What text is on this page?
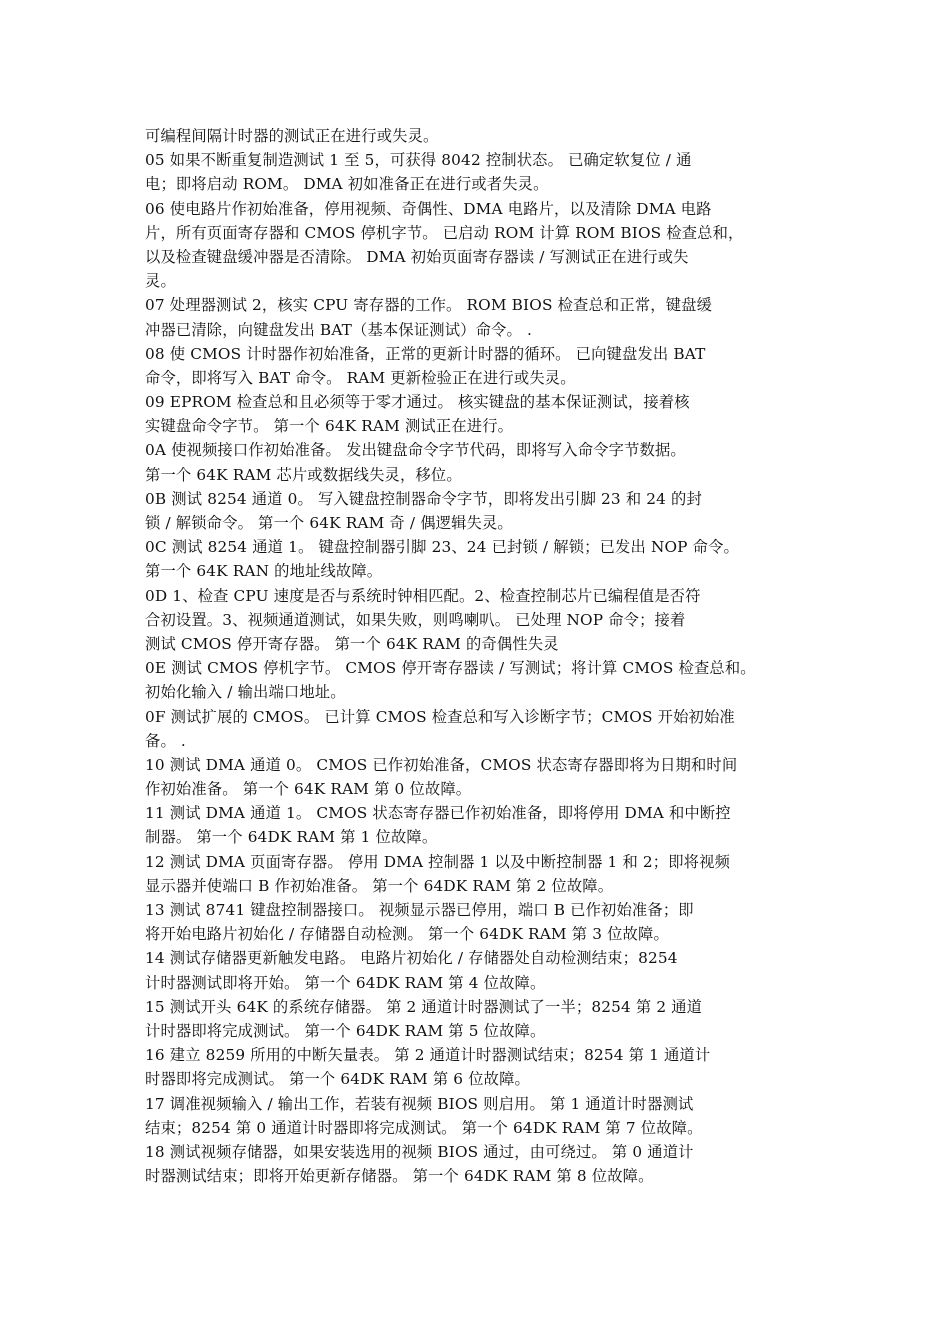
可编程间隔计时器的测试正在进行或失灵。
05 如果不断重复制造测试 1 至 5，可获得 8042 控制状态。 已确定软复位 / 通
电；即将启动 ROM。 DMA 初如准备正在进行或者失灵。
06 使电路片作初始准备，停用视频、奇偶性、DMA 电路片，以及清除 DMA 电路
片，所有页面寄存器和 CMOS 停机字节。 已启动 ROM 计算 ROM BIOS 检查总和，
以及检查键盘缓冲器是否清除。 DMA 初始页面寄存器读 / 写测试正在进行或失
灵。
07 处理器测试 2，核实 CPU 寄存器的工作。 ROM BIOS 检查总和正常，键盘缓
冲器已清除，向键盘发出 BAT（基本保证测试）命令。 .
08 使 CMOS 计时器作初始准备，正常的更新计时器的循环。 已向键盘发出 BAT
命令，即将写入 BAT 命令。 RAM 更新检验正在进行或失灵。
09 EPROM 检查总和且必须等于零才通过。 核实键盘的基本保证测试，接着核
实键盘命令字节。 第一个 64K RAM 测试正在进行。
0A 使视频接口作初始准备。 发出键盘命令字节代码，即将写入命令字节数据。
第一个 64K RAM 芯片或数据线失灵，移位。
0B 测试 8254 通道 0。 写入键盘控制器命令字节，即将发出引脚 23 和 24 的封
锁 / 解锁命令。 第一个 64K RAM 奇 / 偶逻辑失灵。
0C 测试 8254 通道 1。 键盘控制器引脚 23、24 已封锁 / 解锁；已发出 NOP 命令。
第一个 64K RAN 的地址线故障。
0D 1、检查 CPU 速度是否与系统时钟相匹配。2、检查控制芯片已编程值是否符
合初设置。3、视频通道测试，如果失败，则鸣喇叭。 已处理 NOP 命令；接着
测试 CMOS 停开寄存器。 第一个 64K RAM 的奇偶性失灵
0E 测试 CMOS 停机字节。 CMOS 停开寄存器读 / 写测试；将计算 CMOS 检查总和。
初始化输入 / 输出端口地址。
0F 测试扩展的 CMOS。 已计算 CMOS 检查总和写入诊断字节；CMOS 开始初始准
备。 .
10 测试 DMA 通道 0。 CMOS 已作初始准备，CMOS 状态寄存器即将为日期和时间
作初始准备。 第一个 64K RAM 第 0 位故障。
11 测试 DMA 通道 1。 CMOS 状态寄存器已作初始准备，即将停用 DMA 和中断控
制器。 第一个 64DK RAM 第 1 位故障。
12 测试 DMA 页面寄存器。 停用 DMA 控制器 1 以及中断控制器 1 和 2；即将视频
显示器并使端口 B 作初始准备。 第一个 64DK RAM 第 2 位故障。
13 测试 8741 键盘控制器接口。 视频显示器已停用，端口 B 已作初始准备；即
将开始电路片初始化 / 存储器自动检测。 第一个 64DK RAM 第 3 位故障。
14 测试存储器更新触发电路。 电路片初始化 / 存储器处自动检测结束；8254
计时器测试即将开始。 第一个 64DK RAM 第 4 位故障。
15 测试开头 64K 的系统存储器。 第 2 通道计时器测试了一半；8254 第 2 通道
计时器即将完成测试。 第一个 64DK RAM 第 5 位故障。
16 建立 8259 所用的中断矢量表。 第 2 通道计时器测试结束；8254 第 1 通道计
时器即将完成测试。 第一个 64DK RAM 第 6 位故障。
17 调准视频输入 / 输出工作，若装有视频 BIOS 则启用。 第 1 通道计时器测试
结束；8254 第 0 通道计时器即将完成测试。 第一个 64DK RAM 第 7 位故障。
18 测试视频存储器，如果安装选用的视频 BIOS 通过，由可绕过。 第 0 通道计
时器测试结束；即将开始更新存储器。 第一个 64DK RAM 第 8 位故障。
